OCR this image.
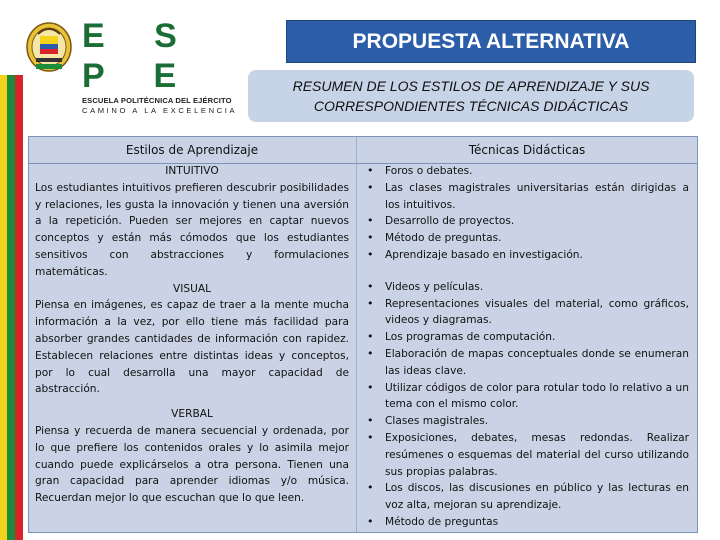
E S P E
ESCUELA POLITÉCNICA DEL EJÉRCITO
CAMINO A LA EXCELENCIA
PROPUESTA ALTERNATIVA
RESUMEN DE LOS ESTILOS DE APRENDIZAJE Y SUS
CORRESPONDIENTES TÉCNICAS DIDÁCTICAS
Estilos de Aprendizaje	Técnicas Didácticas
INTUITIVO
Los estudiantes intuitivos prefieren descubrir posibilidades y relaciones, les gusta la innovación y tienen una aversión a la repetición. Pueden ser mejores en captar nuevos conceptos y están más cómodos que los estudiantes sensitivos con abstracciones y formulaciones matemáticas.
VISUAL
Piensa en imágenes, es capaz de traer a la mente mucha información a la vez, por ello tiene más facilidad para absorber grandes cantidades de información con rapidez. Establecen relaciones entre distintas ideas y conceptos, por lo cual desarrolla una mayor capacidad de abstracción.
VERBAL
Piensa y recuerda de manera secuencial y ordenada, por lo que prefiere los contenidos orales y lo asimila mejor cuando puede explicárselos a otra persona. Tienen una gran capacidad para aprender idiomas y/o música. Recuerdan mejor lo que escuchan que lo que leen.
• Foros o debates.
• Las clases magistrales universitarias están dirigidas a los intuitivos.
• Desarrollo de proyectos.
• Método de preguntas.
• Aprendizaje basado en investigación.
• Videos y películas.
• Representaciones visuales del material, como gráficos, videos y diagramas.
• Los programas de computación.
• Elaboración de mapas conceptuales donde se enumeran las ideas clave.
• Utilizar códigos de color para rotular todo lo relativo a un tema con el mismo color.
• Clases magistrales.
• Exposiciones, debates, mesas redondas. Realizar resúmenes o esquemas del material del curso utilizando sus propias palabras.
• Los discos, las discusiones en público y las lecturas en voz alta, mejoran su aprendizaje.
• Método de preguntas
